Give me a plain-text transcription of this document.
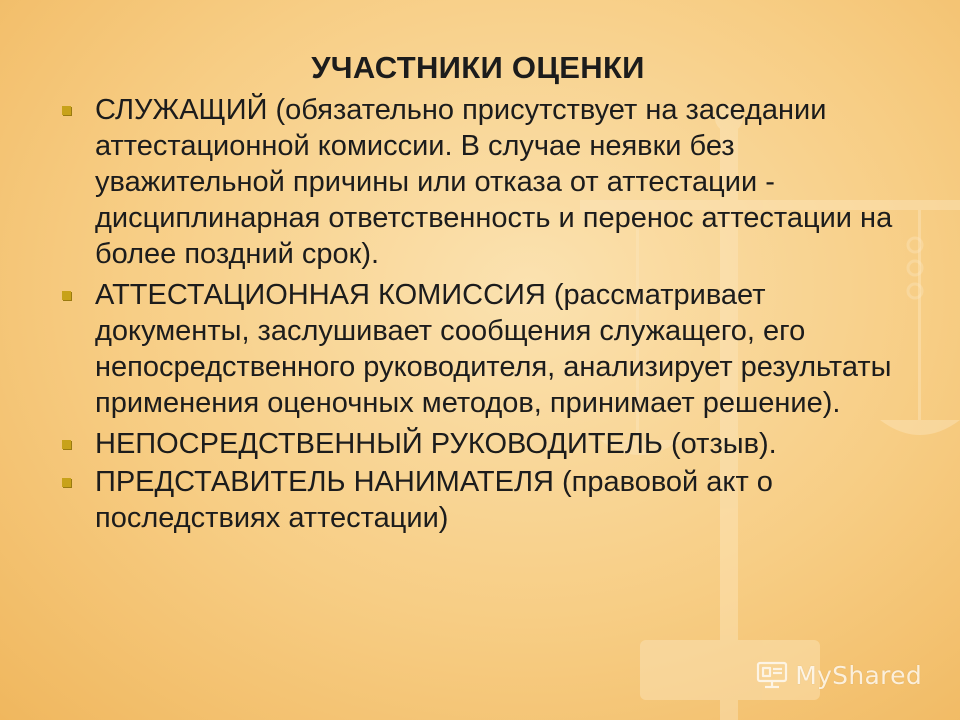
УЧАСТНИКИ ОЦЕНКИ
СЛУЖАЩИЙ (обязательно присутствует на заседании аттестационной комиссии. В случае неявки без уважительной причины или отказа от аттестации - дисциплинарная ответственность и перенос аттестации на более поздний срок).
АТТЕСТАЦИОННАЯ КОМИССИЯ (рассматривает документы, заслушивает сообщения служащего, его непосредственного руководителя, анализирует результаты применения оценочных методов, принимает решение).
НЕПОСРЕДСТВЕННЫЙ РУКОВОДИТЕЛЬ (отзыв).
ПРЕДСТАВИТЕЛЬ НАНИМАТЕЛЯ (правовой акт о последствиях аттестации)
MyShared
